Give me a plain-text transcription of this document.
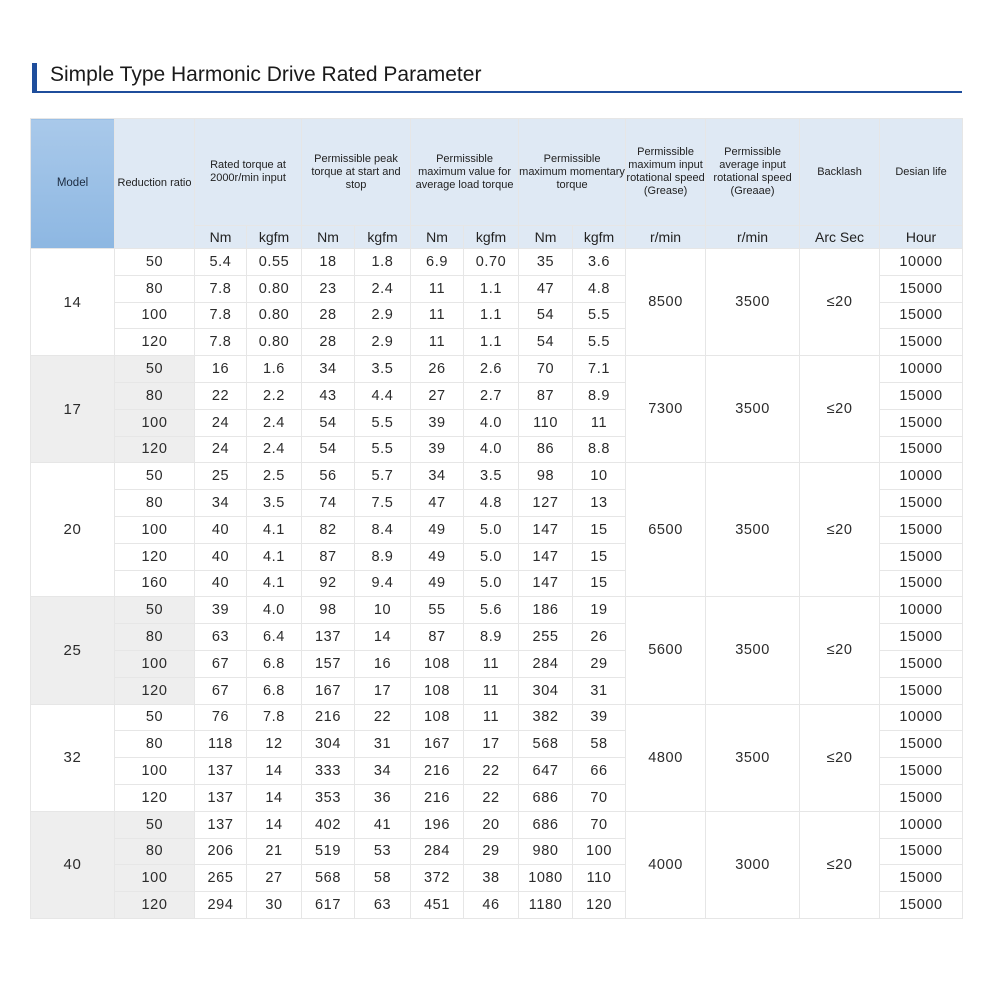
Simple Type Harmonic Drive Rated Parameter
Model	Reduction ratio	Rated torque at 2000r/min input		Permissible peak torque at start and stop		Permissible maximum value for average load torque		Permissible maximum momentary torque		Permissible maximum input rotational speed (Grease)	Permissible average input rotational speed (Greaae)	Backlash	Desian life
		Nm	kgfm	Nm	kgfm	Nm	kgfm	Nm	kgfm	r/min	r/min	Arc Sec	Hour
14	50	5.4	0.55	18	1.8	6.9	0.70	35	3.6	8500	3500	≤20	10000
	80	7.8	0.80	23	2.4	11	1.1	47	4.8				15000
	100	7.8	0.80	28	2.9	11	1.1	54	5.5				15000
	120	7.8	0.80	28	2.9	11	1.1	54	5.5				15000
17	50	16	1.6	34	3.5	26	2.6	70	7.1	7300	3500	≤20	10000
	80	22	2.2	43	4.4	27	2.7	87	8.9				15000
	100	24	2.4	54	5.5	39	4.0	110	11				15000
	120	24	2.4	54	5.5	39	4.0	86	8.8				15000
20	50	25	2.5	56	5.7	34	3.5	98	10	6500	3500	≤20	10000
	80	34	3.5	74	7.5	47	4.8	127	13				15000
	100	40	4.1	82	8.4	49	5.0	147	15				15000
	120	40	4.1	87	8.9	49	5.0	147	15				15000
	160	40	4.1	92	9.4	49	5.0	147	15				15000
25	50	39	4.0	98	10	55	5.6	186	19	5600	3500	≤20	10000
	80	63	6.4	137	14	87	8.9	255	26				15000
	100	67	6.8	157	16	108	11	284	29				15000
	120	67	6.8	167	17	108	11	304	31				15000
32	50	76	7.8	216	22	108	11	382	39	4800	3500	≤20	10000
	80	118	12	304	31	167	17	568	58				15000
	100	137	14	333	34	216	22	647	66				15000
	120	137	14	353	36	216	22	686	70				15000
40	50	137	14	402	41	196	20	686	70	4000	3000	≤20	10000
	80	206	21	519	53	284	29	980	100				15000
	100	265	27	568	58	372	38	1080	110				15000
	120	294	30	617	63	451	46	1180	120				15000
